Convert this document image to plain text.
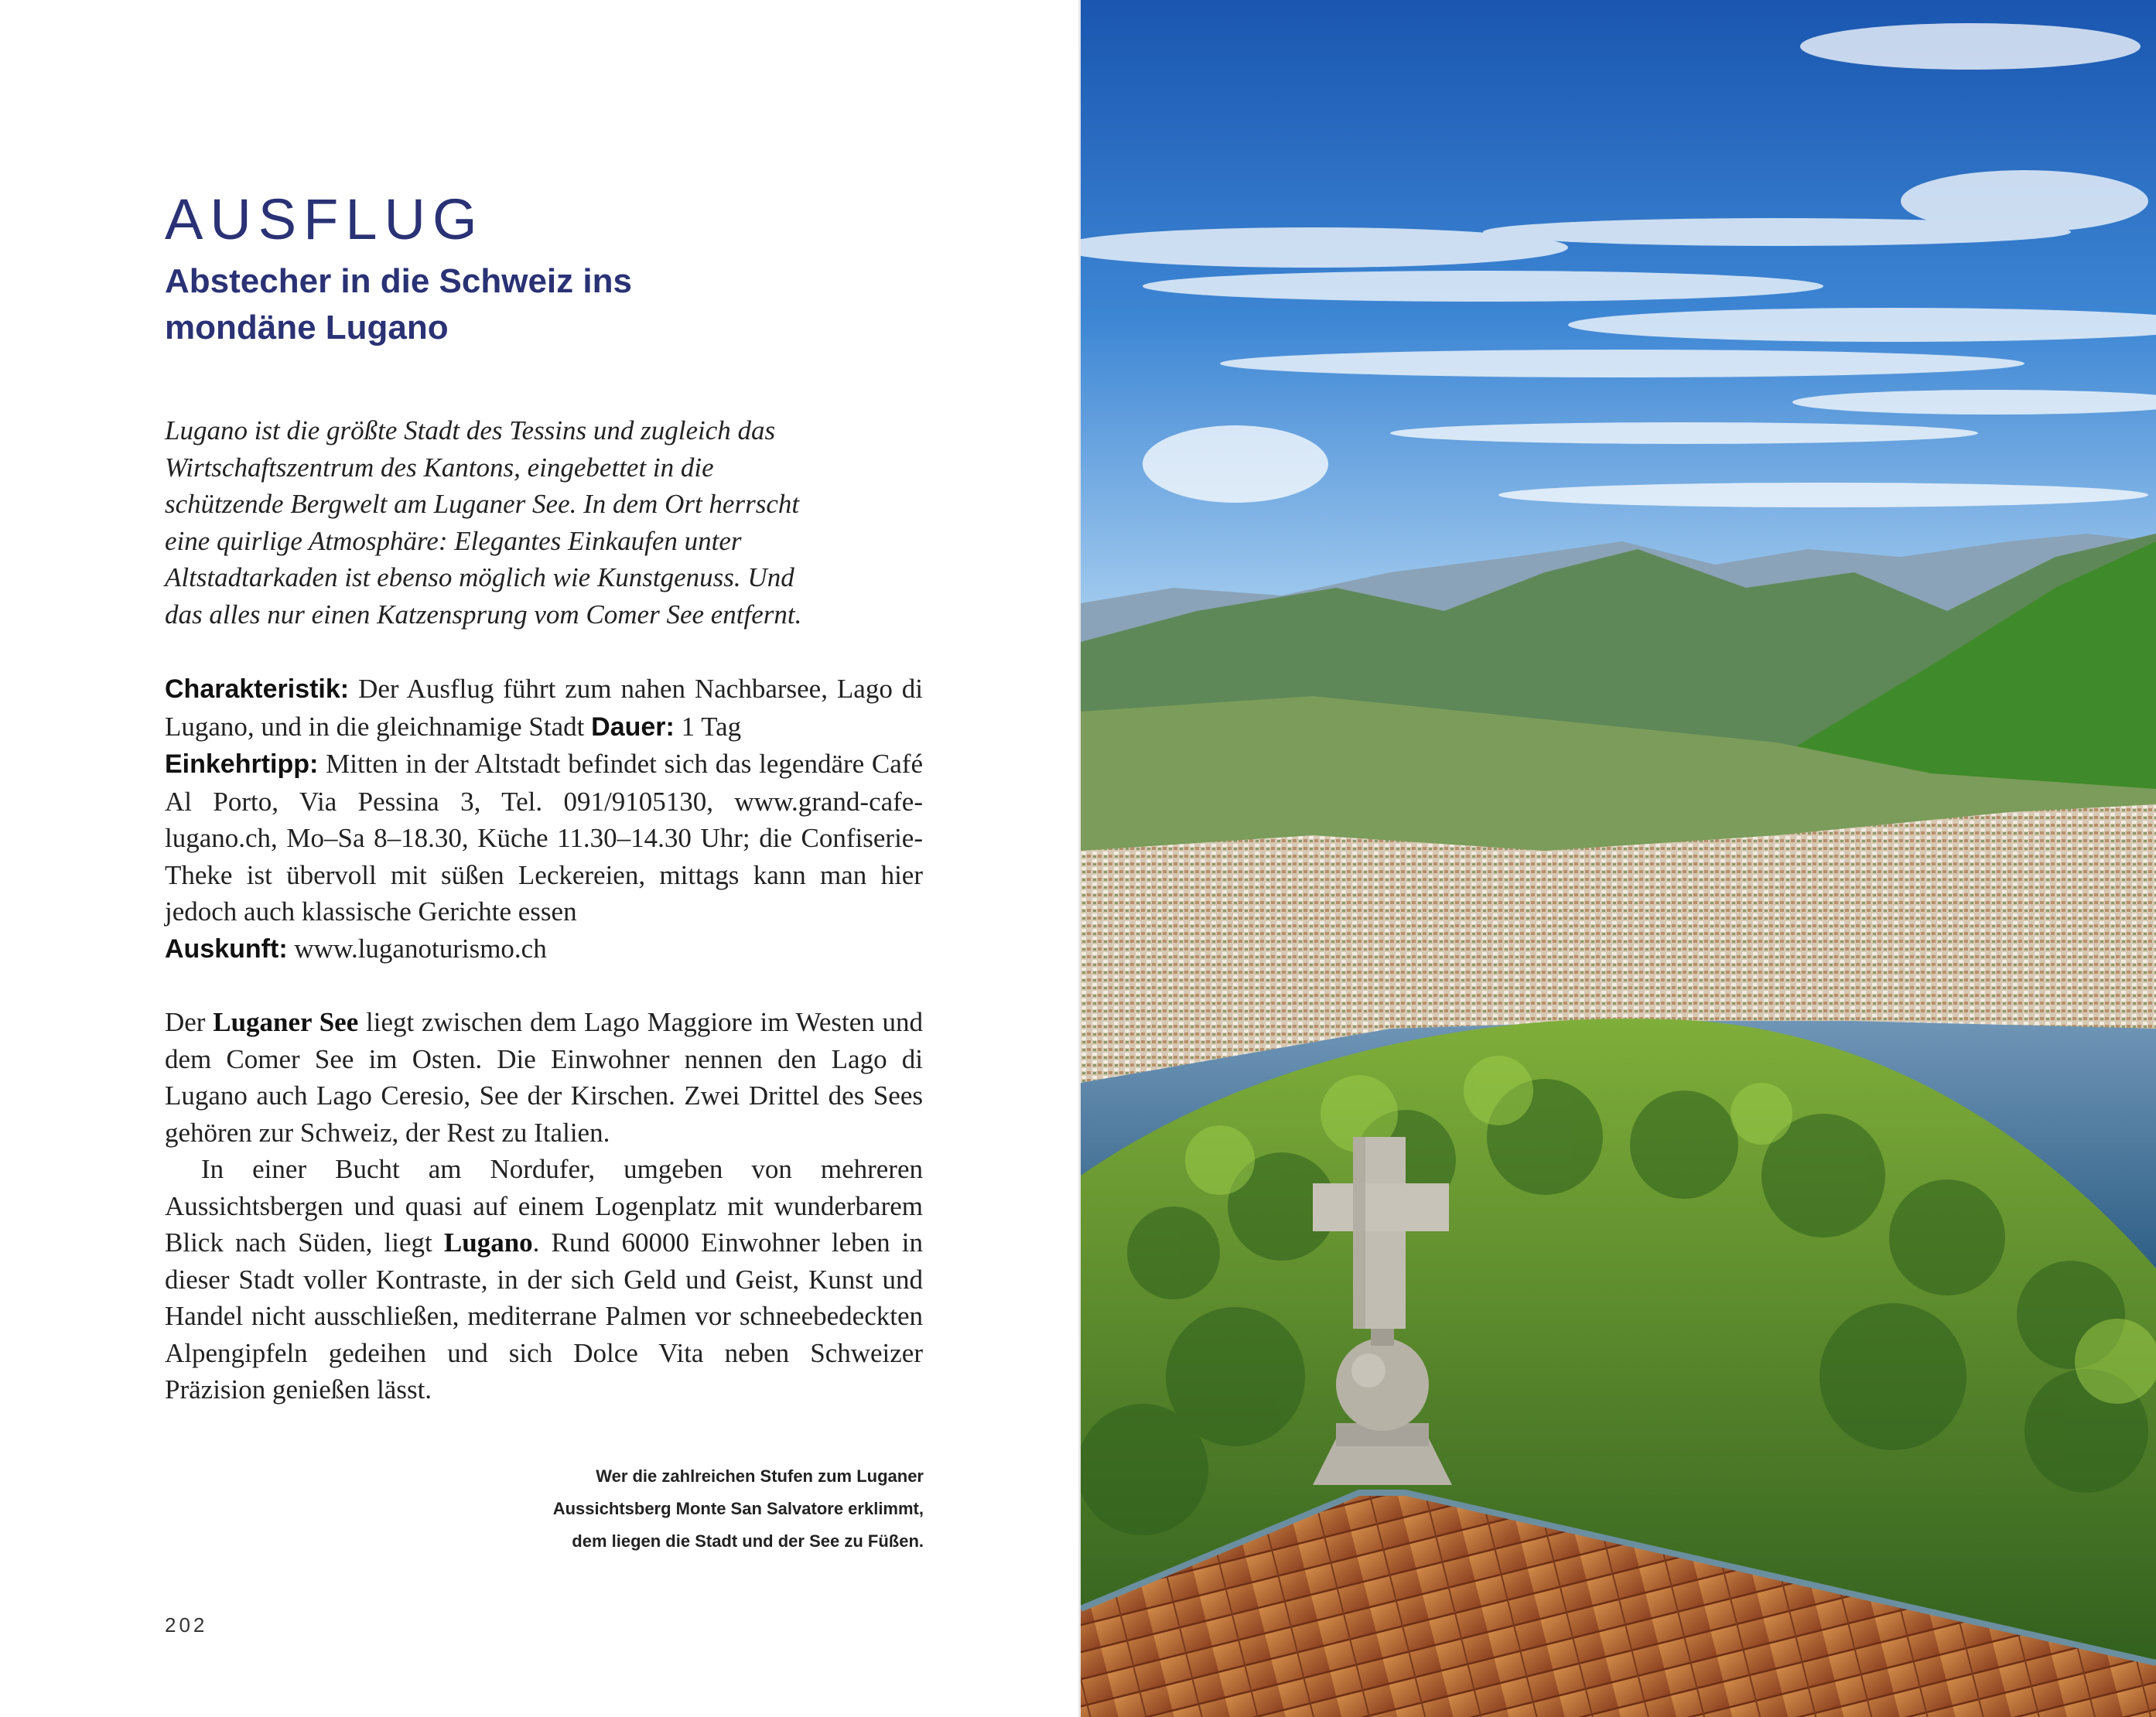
AUSFLUG
Abstecher in die Schweiz ins
mondäne Lugano
Lugano ist die größte Stadt des Tessins und zugleich das
Wirtschaftszentrum des Kantons, eingebettet in die
schützende Bergwelt am Luganer See. In dem Ort herrscht
eine quirlige Atmosphäre: Elegantes Einkaufen unter
Altstadtarkaden ist ebenso möglich wie Kunstgenuss. Und
das alles nur einen Katzensprung vom Comer See entfernt.

Charakteristik: Der Ausflug führt zum nahen Nachbarsee, Lago di Lugano, und in die gleichnamige Stadt Dauer: 1 Tag
Einkehrtipp: Mitten in der Altstadt befindet sich das legendäre Café Al Porto, Via Pessina 3, Tel. 091/9105130, www.grand-cafe-lugano.ch, Mo–Sa 8–18.30, Küche 11.30–14.30 Uhr; die Confiserie-Theke ist übervoll mit süßen Leckereien, mittags kann man hier jedoch auch klassische Gerichte essen
Auskunft: www.luganoturismo.ch

Der Luganer See liegt zwischen dem Lago Maggiore im Westen und dem Comer See im Osten. Die Einwohner nennen den Lago di Lugano auch Lago Ceresio, See der Kirschen. Zwei Drittel des Sees gehören zur Schweiz, der Rest zu Italien.

In einer Bucht am Nordufer, umgeben von mehreren Aussichtsbergen und quasi auf einem Logenplatz mit wunderbarem Blick nach Süden, liegt Lugano. Rund 60000 Einwohner leben in dieser Stadt voller Kontraste, in der sich Geld und Geist, Kunst und Handel nicht ausschließen, mediterrane Palmen vor schneebedeckten Alpengipfeln gedeihen und sich Dolce Vita neben Schweizer Präzision genießen lässt.

Wer die zahlreichen Stufen zum Luganer
Aussichtsberg Monte San Salvatore erklimmt,
dem liegen die Stadt und der See zu Füßen.
202
